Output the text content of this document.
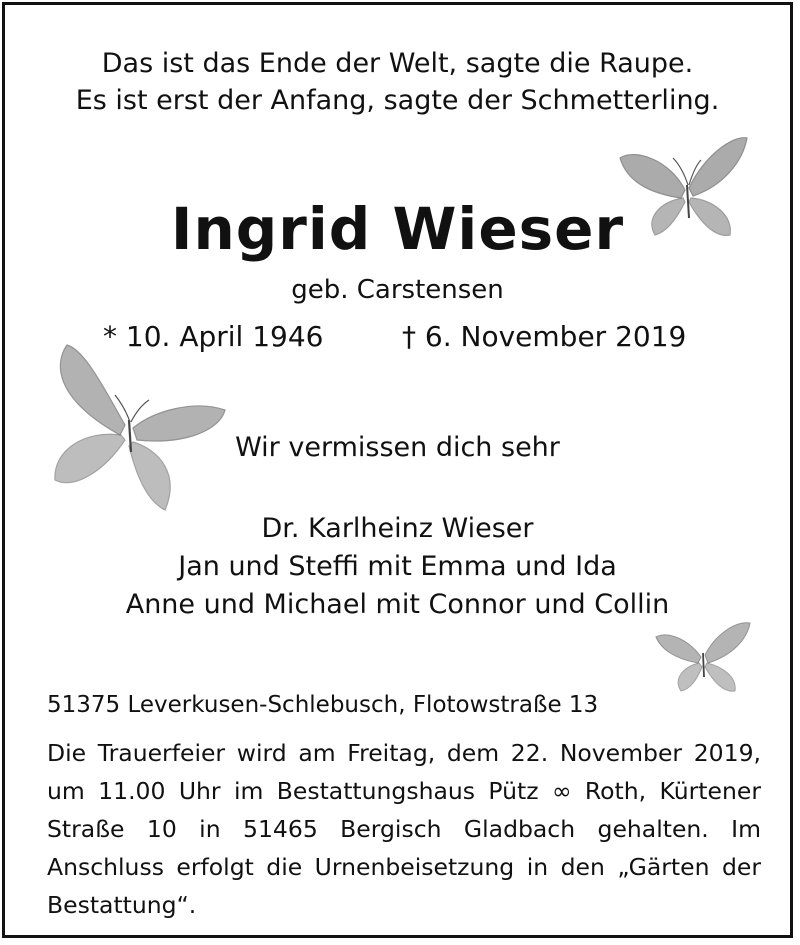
Das ist das Ende der Welt, sagte die Raupe.
Es ist erst der Anfang, sagte der Schmetterling.
Ingrid Wieser
geb. Carstensen
* 10. April 1946	† 6. November 2019
Wir vermissen dich sehr
Dr. Karlheinz Wieser
Jan und Steffi mit Emma und Ida
Anne und Michael mit Connor und Collin
51375 Leverkusen-Schlebusch, Flotowstraße 13
Die Trauerfeier wird am Freitag, dem 22. November 2019, um 11.00 Uhr im Bestattungshaus Pütz ∞ Roth, Kürtener Straße 10 in 51465 Bergisch Gladbach gehalten. Im Anschluss erfolgt die Urnenbeisetzung in den „Gärten der Bestattung“.
